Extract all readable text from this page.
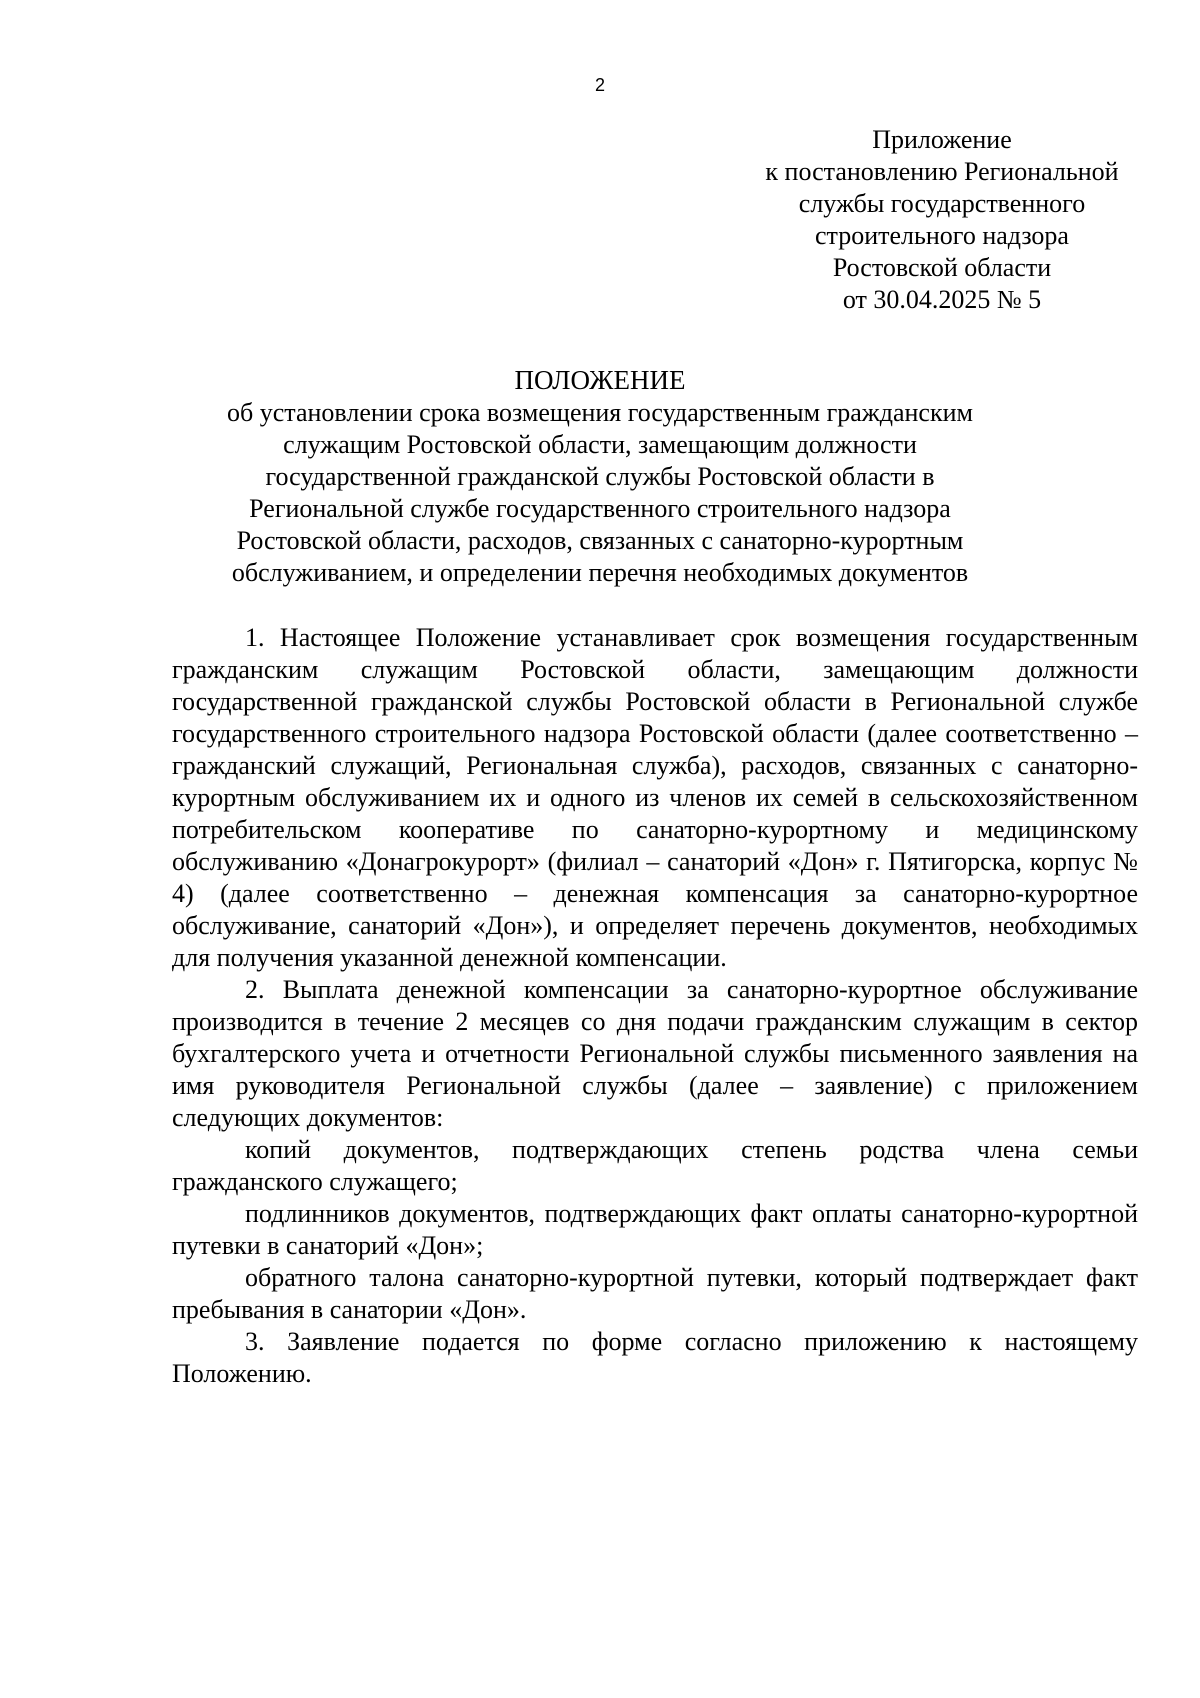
2
Приложение
к постановлению Региональной
службы государственного
строительного надзора
Ростовской области
от 30.04.2025 № 5
ПОЛОЖЕНИЕ
об установлении срока возмещения государственным гражданским
служащим Ростовской области, замещающим должности
государственной гражданской службы Ростовской области в
Региональной службе государственного строительного надзора
Ростовской области, расходов, связанных с санаторно-курортным
обслуживанием, и определении перечня необходимых документов

1. Настоящее Положение устанавливает срок возмещения государственным гражданским служащим Ростовской области, замещающим должности государственной гражданской службы Ростовской области в Региональной службе государственного строительного надзора Ростовской области (далее соответственно – гражданский служащий, Региональная служба), расходов, связанных с санаторно-курортным обслуживанием их и одного из членов их семей в сельскохозяйственном потребительском кооперативе по санаторно-курортному и медицинскому обслуживанию «Донагрокурорт» (филиал – санаторий «Дон» г. Пятигорска, корпус № 4) (далее соответственно – денежная компенсация за санаторно-курортное обслуживание, санаторий «Дон»), и определяет перечень документов, необходимых для получения указанной денежной компенсации.

2. Выплата денежной компенсации за санаторно-курортное обслуживание производится в течение 2 месяцев со дня подачи гражданским служащим в сектор бухгалтерского учета и отчетности Региональной службы письменного заявления на имя руководителя Региональной службы (далее – заявление) с приложением следующих документов:

копий документов, подтверждающих степень родства члена семьи гражданского служащего;

подлинников документов, подтверждающих факт оплаты санаторно-курортной путевки в санаторий «Дон»;

обратного талона санаторно-курортной путевки, который подтверждает факт пребывания в санатории «Дон».

3. Заявление подается по форме согласно приложению к настоящему Положению.
